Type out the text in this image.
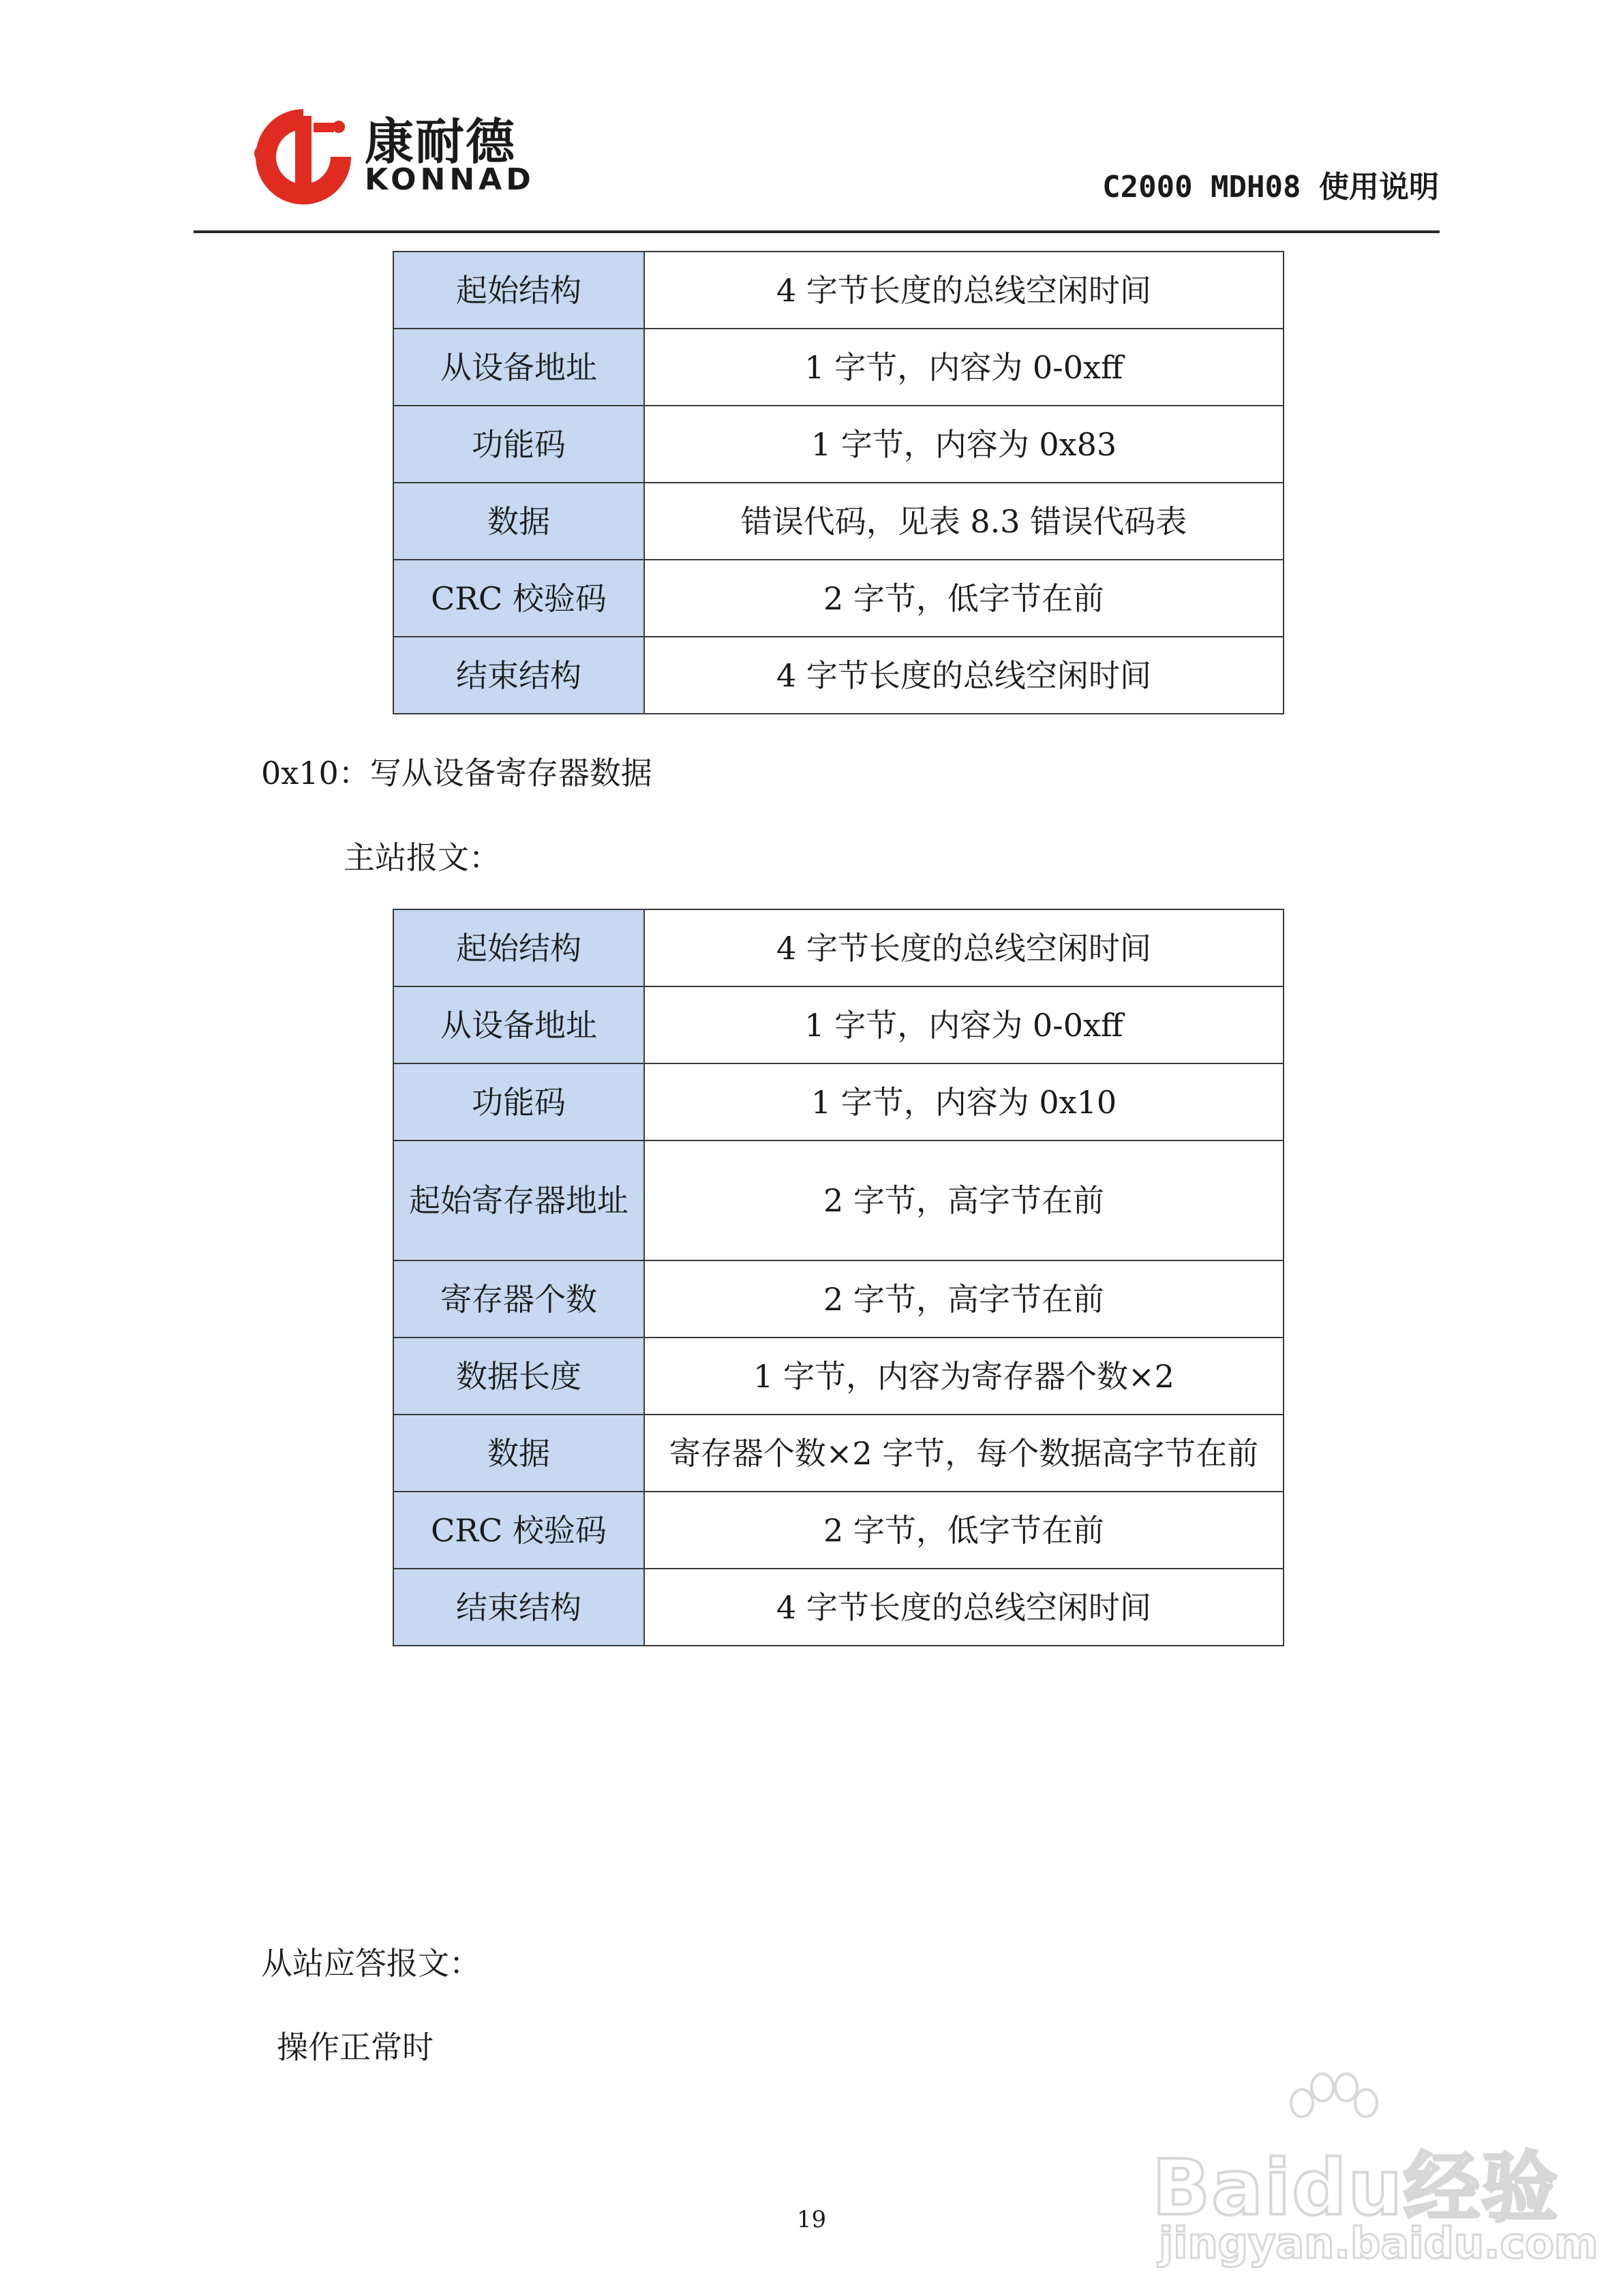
康耐德
KONNAD	C2000 MDH08 使用说明
起始结构	4 字节长度的总线空闲时间
从设备地址	1 字节，内容为 0-0xff
功能码	1 字节，内容为 0x83
数据	错误代码，见表 8.3 错误代码表
CRC 校验码	2 字节，低字节在前
结束结构	4 字节长度的总线空闲时间
0x10：写从设备寄存器数据
主站报文：
起始结构	4 字节长度的总线空闲时间
从设备地址	1 字节，内容为 0-0xff
功能码	1 字节，内容为 0x10
起始寄存器地址	2 字节，高字节在前
寄存器个数	2 字节，高字节在前
数据长度	1 字节，内容为寄存器个数×2
数据	寄存器个数×2 字节，每个数据高字节在前
CRC 校验码	2 字节，低字节在前
结束结构	4 字节长度的总线空闲时间
从站应答报文：
操作正常时
Baidu经验
jingyan.baidu.com
19
